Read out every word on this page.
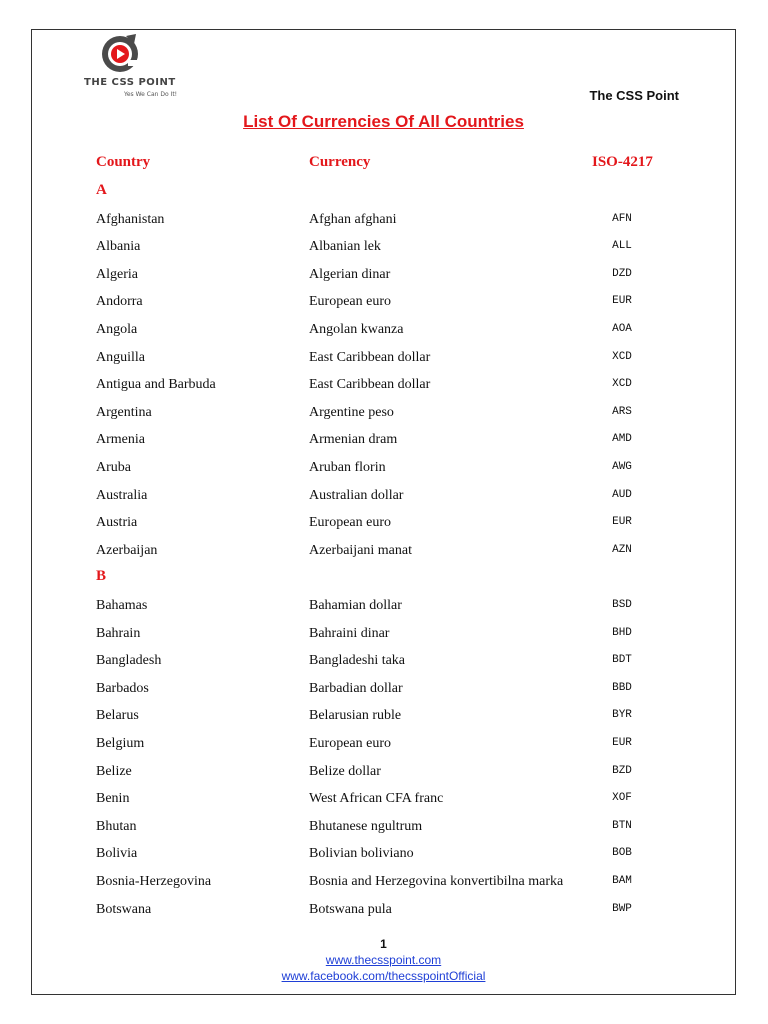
THE CSS POINT
Yes We Can Do It!	The CSS Point
List Of Currencies Of All Countries
Country	Currency	ISO-4217
A
Afghanistan	Afghan afghani	AFN
Albania	Albanian lek	ALL
Algeria	Algerian dinar	DZD
Andorra	European euro	EUR
Angola	Angolan kwanza	AOA
Anguilla	East Caribbean dollar	XCD
Antigua and Barbuda	East Caribbean dollar	XCD
Argentina	Argentine peso	ARS
Armenia	Armenian dram	AMD
Aruba	Aruban florin	AWG
Australia	Australian dollar	AUD
Austria	European euro	EUR
Azerbaijan	Azerbaijani manat	AZN
B
Bahamas	Bahamian dollar	BSD
Bahrain	Bahraini dinar	BHD
Bangladesh	Bangladeshi taka	BDT
Barbados	Barbadian dollar	BBD
Belarus	Belarusian ruble	BYR
Belgium	European euro	EUR
Belize	Belize dollar	BZD
Benin	West African CFA franc	XOF
Bhutan	Bhutanese ngultrum	BTN
Bolivia	Bolivian boliviano	BOB
Bosnia-Herzegovina	Bosnia and Herzegovina konvertibilna marka	BAM
Botswana	Botswana pula	BWP
1
www.thecsspoint.com
www.facebook.com/thecsspointOfficial
